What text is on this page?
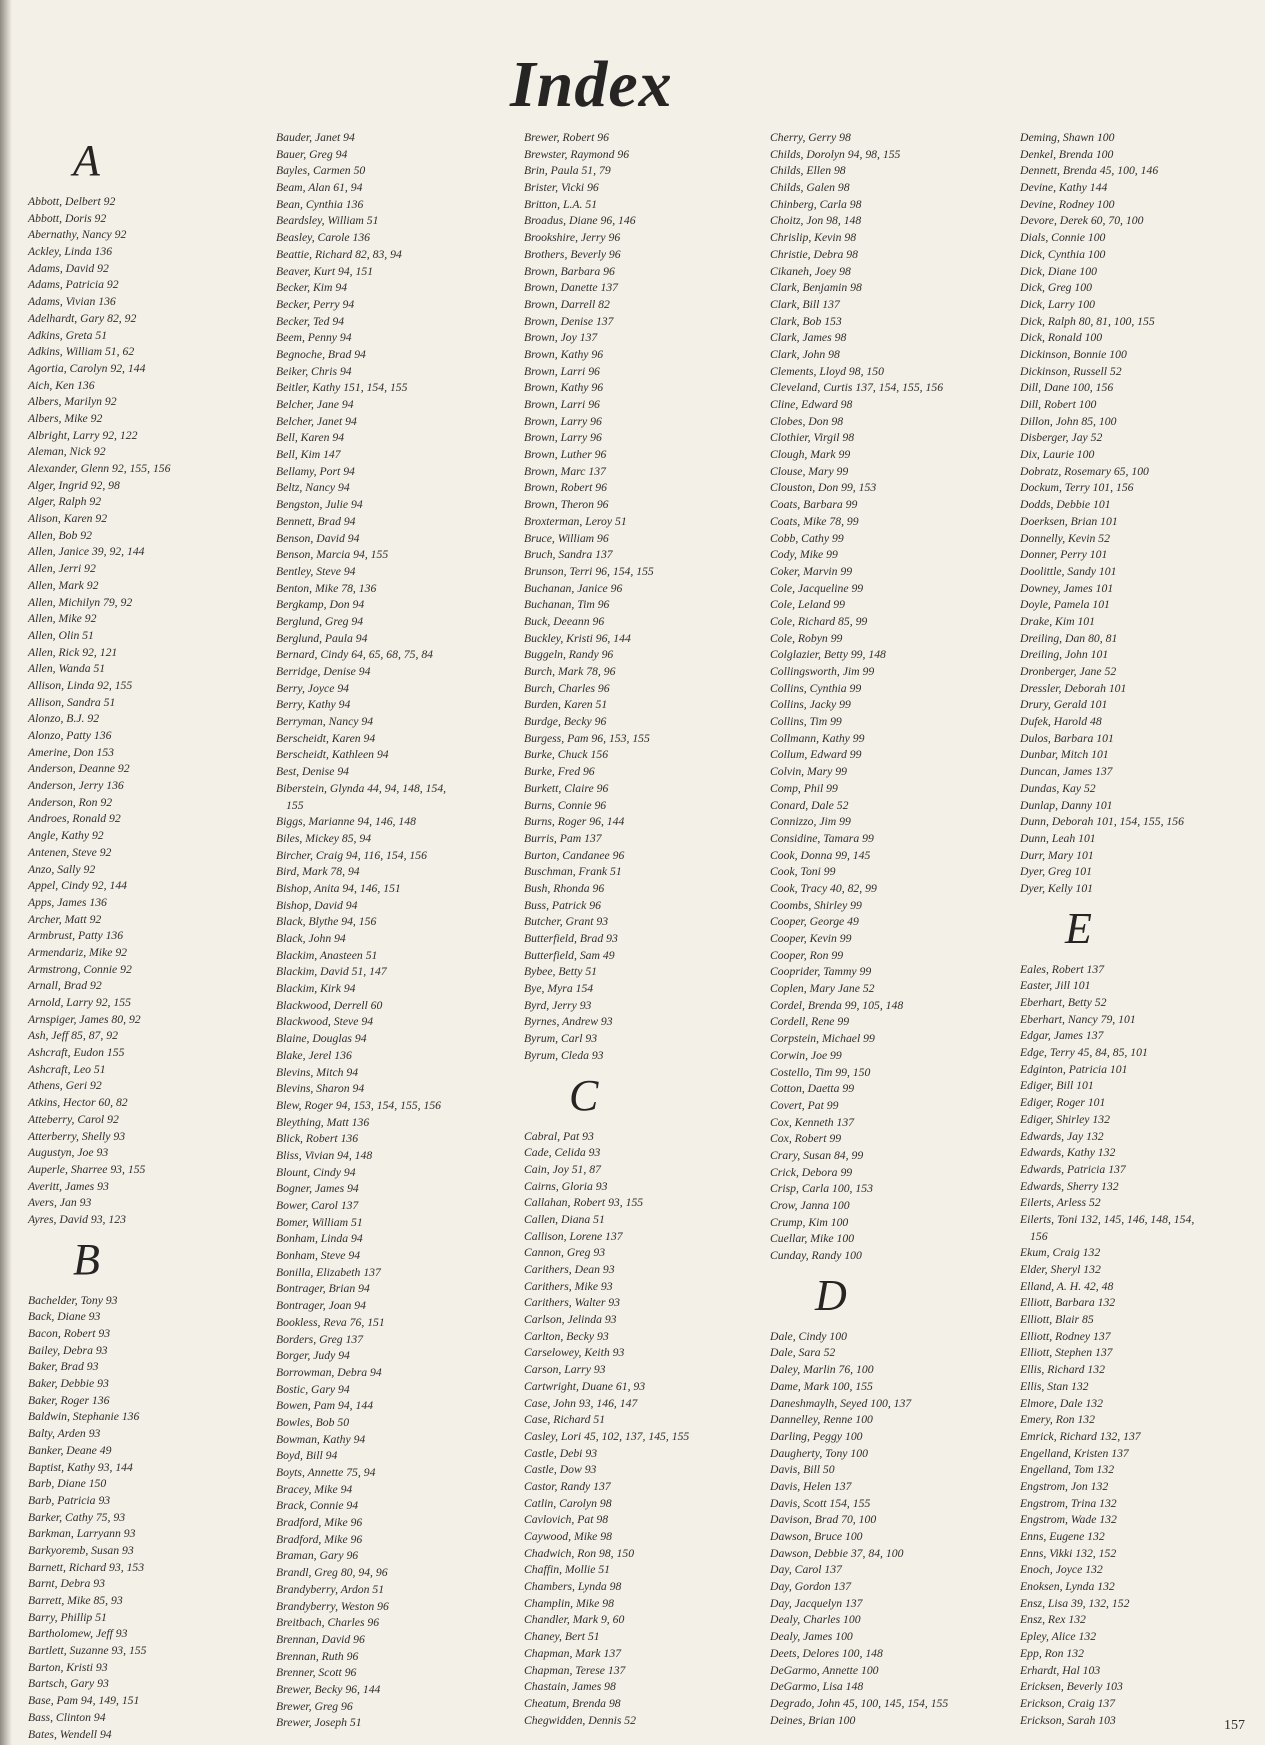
Index
A
Abbott, Delbert 92
Abbott, Doris 92
Abernathy, Nancy 92
Ackley, Linda 136
Adams, David 92
Adams, Patricia 92
Adams, Vivian 136
Adelhardt, Gary 82, 92
Adkins, Greta 51
Adkins, William 51, 62
Agortia, Carolyn 92, 144
Aich, Ken 136
Albers, Marilyn 92
Albers, Mike 92
Albright, Larry 92, 122
Aleman, Nick 92
Alexander, Glenn 92, 155, 156
Alger, Ingrid 92, 98
Alger, Ralph 92
Alison, Karen 92
Allen, Bob 92
Allen, Janice 39, 92, 144
Allen, Jerri 92
Allen, Mark 92
Allen, Michilyn 79, 92
Allen, Mike 92
Allen, Olin 51
Allen, Rick 92, 121
Allen, Wanda 51
Allison, Linda 92, 155
Allison, Sandra 51
Alonzo, B.J. 92
Alonzo, Patty 136
Amerine, Don 153
Anderson, Deanne 92
Anderson, Jerry 136
Anderson, Ron 92
Androes, Ronald 92
Angle, Kathy 92
Antenen, Steve 92
Anzo, Sally 92
Appel, Cindy 92, 144
Apps, James 136
Archer, Matt 92
Armbrust, Patty 136
Armendariz, Mike 92
Armstrong, Connie 92
Arnall, Brad 92
Arnold, Larry 92, 155
Arnspiger, James 80, 92
Ash, Jeff 85, 87, 92
Ashcraft, Eudon 155
Ashcraft, Leo 51
Athens, Geri 92
Atkins, Hector 60, 82
Atteberry, Carol 92
Atterberry, Shelly 93
Augustyn, Joe 93
Auperle, Sharree 93, 155
Averitt, James 93
Avers, Jan 93
Ayres, David 93, 123
B
Bachelder, Tony 93
Back, Diane 93
Bacon, Robert 93
Bailey, Debra 93
Baker, Brad 93
Baker, Debbie 93
Baker, Roger 136
Baldwin, Stephanie 136
Balty, Arden 93
Banker, Deane 49
Baptist, Kathy 93, 144
Barb, Diane 150
Barb, Patricia 93
Barker, Cathy 75, 93
Barkman, Larryann 93
Barkyoremb, Susan 93
Barnett, Richard 93, 153
Barnt, Debra 93
Barrett, Mike 85, 93
Barry, Phillip 51
Bartholomew, Jeff 93
Bartlett, Suzanne 93, 155
Barton, Kristi 93
Bartsch, Gary 93
Base, Pam 94, 149, 151
Bass, Clinton 94
Bates, Wendell 94
Bauder, Janet 94
Bauer, Greg 94
Bayles, Carmen 50
Beam, Alan 61, 94
Bean, Cynthia 136
Beardsley, William 51
Beasley, Carole 136
Beattie, Richard 82, 83, 94
Beaver, Kurt 94, 151
Becker, Kim 94
Becker, Perry 94
Becker, Ted 94
Beem, Penny 94
Begnoche, Brad 94
Beiker, Chris 94
Beitler, Kathy 151, 154, 155
Belcher, Jane 94
Belcher, Janet 94
Bell, Karen 94
Bell, Kim 147
Bellamy, Port 94
Beltz, Nancy 94
Bengston, Julie 94
Bennett, Brad 94
Benson, David 94
Benson, Marcia 94, 155
Bentley, Steve 94
Benton, Mike 78, 136
Bergkamp, Don 94
Berglund, Greg 94
Berglund, Paula 94
Bernard, Cindy 64, 65, 68, 75, 84
Berridge, Denise 94
Berry, Joyce 94
Berry, Kathy 94
Berryman, Nancy 94
Berscheidt, Karen 94
Berscheidt, Kathleen 94
Best, Denise 94
Biberstein, Glynda 44, 94, 148, 154,
155
Biggs, Marianne 94, 146, 148
Biles, Mickey 85, 94
Bircher, Craig 94, 116, 154, 156
Bird, Mark 78, 94
Bishop, Anita 94, 146, 151
Bishop, David 94
Black, Blythe 94, 156
Black, John 94
Blackim, Anasteen 51
Blackim, David 51, 147
Blackim, Kirk 94
Blackwood, Derrell 60
Blackwood, Steve 94
Blaine, Douglas 94
Blake, Jerel 136
Blevins, Mitch 94
Blevins, Sharon 94
Blew, Roger 94, 153, 154, 155, 156
Bleything, Matt 136
Blick, Robert 136
Bliss, Vivian 94, 148
Blount, Cindy 94
Bogner, James 94
Bower, Carol 137
Bomer, William 51
Bonham, Linda 94
Bonham, Steve 94
Bonilla, Elizabeth 137
Bontrager, Brian 94
Bontrager, Joan 94
Bookless, Reva 76, 151
Borders, Greg 137
Borger, Judy 94
Borrowman, Debra 94
Bostic, Gary 94
Bowen, Pam 94, 144
Bowles, Bob 50
Bowman, Kathy 94
Boyd, Bill 94
Boyts, Annette 75, 94
Bracey, Mike 94
Brack, Connie 94
Bradford, Mike 96
Bradford, Mike 96
Braman, Gary 96
Brandl, Greg 80, 94, 96
Brandyberry, Ardon 51
Brandyberry, Weston 96
Breitbach, Charles 96
Brennan, David 96
Brennan, Ruth 96
Brenner, Scott 96
Brewer, Becky 96, 144
Brewer, Greg 96
Brewer, Joseph 51
Brewer, Robert 96
Brewster, Raymond 96
Brin, Paula 51, 79
Brister, Vicki 96
Britton, L.A. 51
Broadus, Diane 96, 146
Brookshire, Jerry 96
Brothers, Beverly 96
Brown, Barbara 96
Brown, Danette 137
Brown, Darrell 82
Brown, Denise 137
Brown, Joy 137
Brown, Kathy 96
Brown, Larri 96
Brown, Kathy 96
Brown, Larri 96
Brown, Larry 96
Brown, Larry 96
Brown, Luther 96
Brown, Marc 137
Brown, Robert 96
Brown, Theron 96
Broxterman, Leroy 51
Bruce, William 96
Bruch, Sandra 137
Brunson, Terri 96, 154, 155
Buchanan, Janice 96
Buchanan, Tim 96
Buck, Deeann 96
Buckley, Kristi 96, 144
Buggeln, Randy 96
Burch, Mark 78, 96
Burch, Charles 96
Burden, Karen 51
Burdge, Becky 96
Burgess, Pam 96, 153, 155
Burke, Chuck 156
Burke, Fred 96
Burkett, Claire 96
Burns, Connie 96
Burns, Roger 96, 144
Burris, Pam 137
Burton, Candanee 96
Buschman, Frank 51
Bush, Rhonda 96
Buss, Patrick 96
Butcher, Grant 93
Butterfield, Brad 93
Butterfield, Sam 49
Bybee, Betty 51
Bye, Myra 154
Byrd, Jerry 93
Byrnes, Andrew 93
Byrum, Carl 93
Byrum, Cleda 93
C
Cabral, Pat 93
Cade, Celida 93
Cain, Joy 51, 87
Cairns, Gloria 93
Callahan, Robert 93, 155
Callen, Diana 51
Callison, Lorene 137
Cannon, Greg 93
Carithers, Dean 93
Carithers, Mike 93
Carithers, Walter 93
Carlson, Jelinda 93
Carlton, Becky 93
Carselowey, Keith 93
Carson, Larry 93
Cartwright, Duane 61, 93
Case, John 93, 146, 147
Case, Richard 51
Casley, Lori 45, 102, 137, 145, 155
Castle, Debi 93
Castle, Dow 93
Castor, Randy 137
Catlin, Carolyn 98
Cavlovich, Pat 98
Caywood, Mike 98
Chadwich, Ron 98, 150
Chaffin, Mollie 51
Chambers, Lynda 98
Champlin, Mike 98
Chandler, Mark 9, 60
Chaney, Bert 51
Chapman, Mark 137
Chapman, Terese 137
Chastain, James 98
Cheatum, Brenda 98
Chegwidden, Dennis 52
Cherry, Gerry 98
Childs, Dorolyn 94, 98, 155
Childs, Ellen 98
Childs, Galen 98
Chinberg, Carla 98
Choitz, Jon 98, 148
Chrislip, Kevin 98
Christie, Debra 98
Cikaneh, Joey 98
Clark, Benjamin 98
Clark, Bill 137
Clark, Bob 153
Clark, James 98
Clark, John 98
Clements, Lloyd 98, 150
Cleveland, Curtis 137, 154, 155, 156
Cline, Edward 98
Clobes, Don 98
Clothier, Virgil 98
Clough, Mark 99
Clouse, Mary 99
Clouston, Don 99, 153
Coats, Barbara 99
Coats, Mike 78, 99
Cobb, Cathy 99
Cody, Mike 99
Coker, Marvin 99
Cole, Jacqueline 99
Cole, Leland 99
Cole, Richard 85, 99
Cole, Robyn 99
Colglazier, Betty 99, 148
Collingsworth, Jim 99
Collins, Cynthia 99
Collins, Jacky 99
Collins, Tim 99
Collmann, Kathy 99
Collum, Edward 99
Colvin, Mary 99
Comp, Phil 99
Conard, Dale 52
Connizzo, Jim 99
Considine, Tamara 99
Cook, Donna 99, 145
Cook, Toni 99
Cook, Tracy 40, 82, 99
Coombs, Shirley 99
Cooper, George 49
Cooper, Kevin 99
Cooper, Ron 99
Cooprider, Tammy 99
Coplen, Mary Jane 52
Cordel, Brenda 99, 105, 148
Cordell, Rene 99
Corpstein, Michael 99
Corwin, Joe 99
Costello, Tim 99, 150
Cotton, Daetta 99
Covert, Pat 99
Cox, Kenneth 137
Cox, Robert 99
Crary, Susan 84, 99
Crick, Debora 99
Crisp, Carla 100, 153
Crow, Janna 100
Crump, Kim 100
Cuellar, Mike 100
Cunday, Randy 100
D
Dale, Cindy 100
Dale, Sara 52
Daley, Marlin 76, 100
Dame, Mark 100, 155
Daneshmaylh, Seyed 100, 137
Dannelley, Renne 100
Darling, Peggy 100
Daugherty, Tony 100
Davis, Bill 50
Davis, Helen 137
Davis, Scott 154, 155
Davison, Brad 70, 100
Dawson, Bruce 100
Dawson, Debbie 37, 84, 100
Day, Carol 137
Day, Gordon 137
Day, Jacquelyn 137
Dealy, Charles 100
Dealy, James 100
Deets, Delores 100, 148
DeGarmo, Annette 100
DeGarmo, Lisa 148
Degrado, John 45, 100, 145, 154, 155
Deines, Brian 100
Deming, Shawn 100
Denkel, Brenda 100
Dennett, Brenda 45, 100, 146
Devine, Kathy 144
Devine, Rodney 100
Devore, Derek 60, 70, 100
Dials, Connie 100
Dick, Cynthia 100
Dick, Diane 100
Dick, Greg 100
Dick, Larry 100
Dick, Ralph 80, 81, 100, 155
Dick, Ronald 100
Dickinson, Bonnie 100
Dickinson, Russell 52
Dill, Dane 100, 156
Dill, Robert 100
Dillon, John 85, 100
Disberger, Jay 52
Dix, Laurie 100
Dobratz, Rosemary 65, 100
Dockum, Terry 101, 156
Dodds, Debbie 101
Doerksen, Brian 101
Donnelly, Kevin 52
Donner, Perry 101
Doolittle, Sandy 101
Downey, James 101
Doyle, Pamela 101
Drake, Kim 101
Dreiling, Dan 80, 81
Dreiling, John 101
Dronberger, Jane 52
Dressler, Deborah 101
Drury, Gerald 101
Dufek, Harold 48
Dulos, Barbara 101
Dunbar, Mitch 101
Duncan, James 137
Dundas, Kay 52
Dunlap, Danny 101
Dunn, Deborah 101, 154, 155, 156
Dunn, Leah 101
Durr, Mary 101
Dyer, Greg 101
Dyer, Kelly 101
E
Eales, Robert 137
Easter, Jill 101
Eberhart, Betty 52
Eberhart, Nancy 79, 101
Edgar, James 137
Edge, Terry 45, 84, 85, 101
Edginton, Patricia 101
Ediger, Bill 101
Ediger, Roger 101
Ediger, Shirley 132
Edwards, Jay 132
Edwards, Kathy 132
Edwards, Patricia 137
Edwards, Sherry 132
Eilerts, Arless 52
Eilerts, Toni 132, 145, 146, 148, 154,
156
Ekum, Craig 132
Elder, Sheryl 132
Elland, A. H. 42, 48
Elliott, Barbara 132
Elliott, Blair 85
Elliott, Rodney 137
Elliott, Stephen 137
Ellis, Richard 132
Ellis, Stan 132
Elmore, Dale 132
Emery, Ron 132
Emrick, Richard 132, 137
Engelland, Kristen 137
Engelland, Tom 132
Engstrom, Jon 132
Engstrom, Trina 132
Engstrom, Wade 132
Enns, Eugene 132
Enns, Vikki 132, 152
Enoch, Joyce 132
Enoksen, Lynda 132
Ensz, Lisa 39, 132, 152
Ensz, Rex 132
Epley, Alice 132
Epp, Ron 132
Erhardt, Hal 103
Ericksen, Beverly 103
Erickson, Craig 137
Erickson, Sarah 103	157
